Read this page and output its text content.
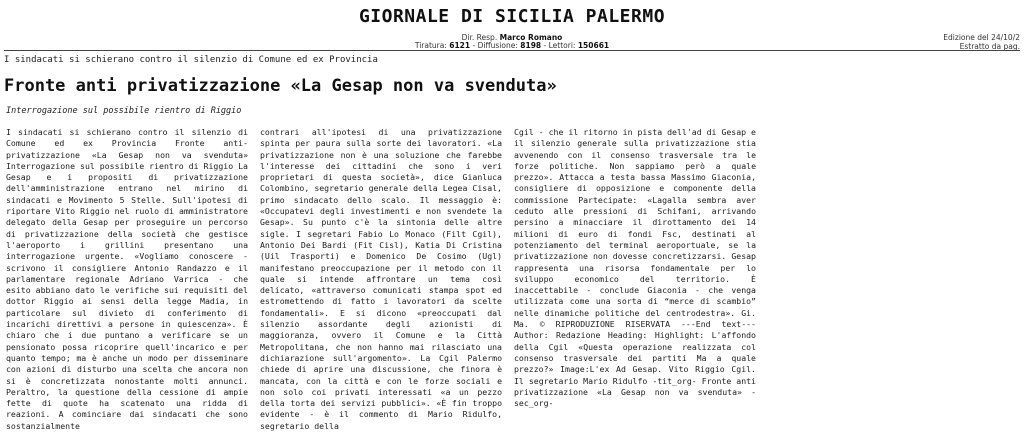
GIORNALE DI SICILIA PALERMO
Dir. Resp. Marco Romano
Tiratura: 6121 - Diffusione: 8198 - Lettori: 150661
Edizione del 24/10/2
Estratto da pag.
I sindacati si schierano contro il silenzio di Comune ed ex Provincia
Fronte anti privatizzazione «La Gesap non va svenduta»
Interrogazione sul possibile rientro di Riggio
I sindacati si schierano contro il silenzio di Comune ed ex Provincia Fronte anti-privatizzazione «La Gesap non va svenduta» Interrogazione sul possibile rientro di Riggio La Gesap e i propositi di privatizzazione dell'amministrazione entrano nel mirino di sindacati e Movimento 5 Stelle. Sull'ipotesi di riportare Vito Riggio nel ruolo di amministratore delegato della Gesap per proseguire un percorso di privatizzazione della società che gestisce l'aeroporto i grillini presentano una interrogazione urgente. «Vogliamo conoscere - scrivono il consigliere Antonio Randazzo e il parlamentare regionale Adriano Varrica - che esito abbiano dato le verifiche sui requisiti del dottor Riggio ai sensi della legge Madia, in particolare sul divieto di conferimento di incarichi direttivi a persone in quiescenza». È chiaro che i due puntano a verificare se un pensionato possa ricoprire quell'incarico e per quanto tempo; ma è anche un modo per disseminare con azioni di disturbo una scelta che ancora non si è concretizzata nonostante molti annunci. Peraltro, la questione della cessione di ampie fette di quote ha scatenato una ridda di reazioni. A cominciare dai sindacati che sono sostanzialmente
contrari all'ipotesi di una privatizzazione spinta per paura sulla sorte dei lavoratori. «La privatizzazione non è una soluzione che farebbe l'interesse dei cittadini che sono i veri proprietari di questa società», dice Gianluca Colombino, segretario generale della Legea Cisal, primo sindacato dello scalo. Il messaggio è: «Occupatevi degli investimenti e non svendete la Gesap». Su punto c'è la sintonia delle altre sigle. I segretari Fabio Lo Monaco (Filt Cgil), Antonio Dei Bardi (Fit Cisl), Katia Di Cristina (Uil Trasporti) e Domenico De Cosimo (Ugl) manifestano preoccupazione per il metodo con il quale si intende affrontare un tema così delicato, «attraverso comunicati stampa spot ed estromettendo di fatto i lavoratori da scelte fondamentali». E si dicono «preoccupati dal silenzio assordante degli azionisti di maggioranza, ovvero il Comune e la Città Metropolitana, che non hanno mai rilasciato una dichiarazione sull'argomento». La Cgil Palermo chiede di aprire una discussione, che finora è mancata, con la città e con le forze sociali e non solo coi privati interessati «a un pezzo della torta dei servizi pubblici». «È fin troppo evidente - è il commento di Mario Ridulfo, segretario della
Cgil - che il ritorno in pista dell'ad di Gesap e il silenzio generale sulla privatizzazione stia avvenendo con il consenso trasversale tra le forze politiche. Non sappiamo però a quale prezzo». Attacca a testa bassa Massimo Giaconia, consigliere di opposizione e componente della commissione Partecipate: «Lagalla sembra aver ceduto alle pressioni di Schifani, arrivando persino a minacciare il dirottamento dei 14 milioni di euro di fondi Fsc, destinati al potenziamento del terminal aeroportuale, se la privatizzazione non dovesse concretizzarsi. Gesap rappresenta una risorsa fondamentale per lo sviluppo economico del territorio. È inaccettabile - conclude Giaconia - che venga utilizzata come una sorta di “merce di scambio” nelle dinamiche politiche del centrodestra». Gi. Ma. © RIPRODUZIONE RISERVATA ---End text--- Author: Redazione Heading: Highlight: L'affondo della Cgil «Questa operazione realizzata col consenso trasversale dei partiti Ma a quale prezzo?» Image:L'ex Ad Gesap. Vito Riggio Cgil. Il segretario Mario Ridulfo -tit_org- Fronte anti privatizzazione «La Gesap non va svenduta» -sec_org-
